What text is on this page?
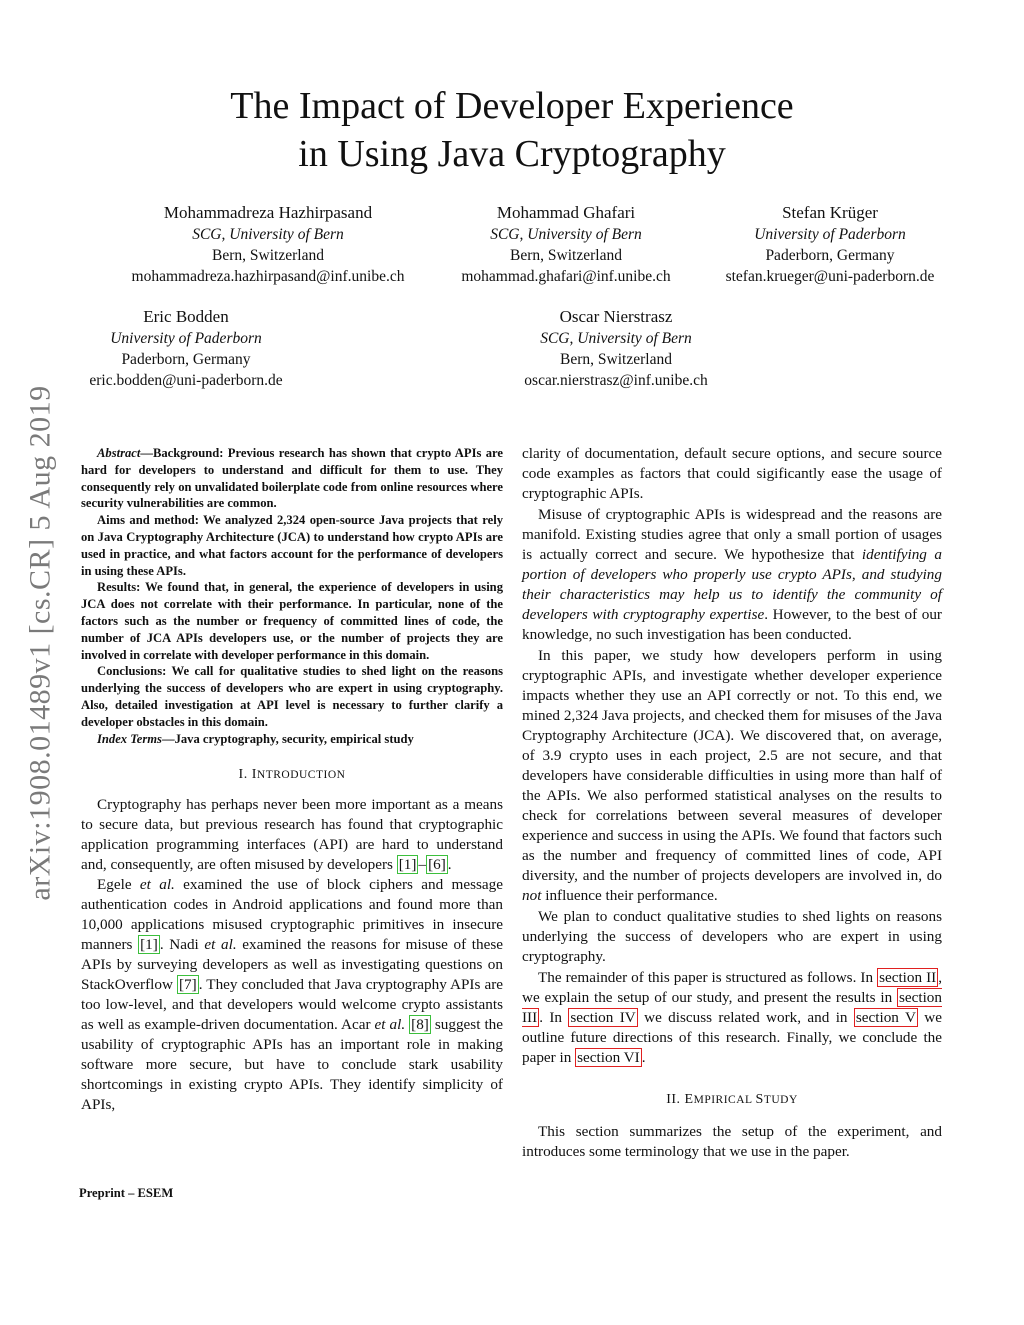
arXiv:1908.01489v1 [cs.CR] 5 Aug 2019
The Impact of Developer Experience
in Using Java Cryptography
Mohammadreza Hazhirpasand
SCG, University of Bern
Bern, Switzerland
mohammadreza.hazhirpasand@inf.unibe.ch
Mohammad Ghafari
SCG, University of Bern
Bern, Switzerland
mohammad.ghafari@inf.unibe.ch
Stefan Krüger
University of Paderborn
Paderborn, Germany
stefan.krueger@uni-paderborn.de
Eric Bodden
University of Paderborn
Paderborn, Germany
eric.bodden@uni-paderborn.de
Oscar Nierstrasz
SCG, University of Bern
Bern, Switzerland
oscar.nierstrasz@inf.unibe.ch

Abstract—Background: Previous research has shown that crypto APIs are hard for developers to understand and difficult for them to use. They consequently rely on unvalidated boilerplate code from online resources where security vulnerabilities are common.

Aims and method: We analyzed 2,324 open-source Java projects that rely on Java Cryptography Architecture (JCA) to understand how crypto APIs are used in practice, and what factors account for the performance of developers in using these APIs.

Results: We found that, in general, the experience of developers in using JCA does not correlate with their performance. In particular, none of the factors such as the number or frequency of committed lines of code, the number of JCA APIs developers use, or the number of projects they are involved in correlate with developer performance in this domain.

Conclusions: We call for qualitative studies to shed light on the reasons underlying the success of developers who are expert in using cryptography. Also, detailed investigation at API level is necessary to further clarify a developer obstacles in this domain.

Index Terms—Java cryptography, security, empirical study

I. INTRODUCTION

Cryptography has perhaps never been more important as a means to secure data, but previous research has found that cryptographic application programming interfaces (API) are hard to understand and, consequently, are often misused by developers [1] – [6] .

Egele et al. examined the use of block ciphers and message authentication codes in Android applications and found more than 10,000 applications misused cryptographic primitives in insecure manners [1] . Nadi et al. examined the reasons for misuse of these APIs by surveying developers as well as investigating questions on StackOverflow [7] . They concluded that Java cryptography APIs are too low-level, and that developers would welcome crypto assistants as well as example-driven documentation. Acar et al. [8] suggest the usability of cryptographic APIs has an important role in making software more secure, but have to conclude stark usability shortcomings in existing crypto APIs. They identify simplicity of APIs,

clarity of documentation, default secure options, and secure source code examples as factors that could sigificantly ease the usage of cryptographic APIs.

Misuse of cryptographic APIs is widespread and the reasons are manifold. Existing studies agree that only a small portion of usages is actually correct and secure. We hypothesize that identifying a portion of developers who properly use crypto APIs, and studying their characteristics may help us to identify the community of developers with cryptography expertise. However, to the best of our knowledge, no such investigation has been conducted.

In this paper, we study how developers perform in using cryptographic APIs, and investigate whether developer experience impacts whether they use an API correctly or not. To this end, we mined 2,324 Java projects, and checked them for misuses of the Java Cryptography Architecture (JCA). We discovered that, on average, of 3.9 crypto uses in each project, 2.5 are not secure, and that developers have considerable difficulties in using more than half of the APIs. We also performed statistical analyses on the results to check for correlations between several measures of developer experience and success in using the APIs. We found that factors such as the number and frequency of committed lines of code, API diversity, and the number of projects developers are involved in, do not influence their performance.

We plan to conduct qualitative studies to shed lights on reasons underlying the success of developers who are expert in using cryptography.

The remainder of this paper is structured as follows. In section II , we explain the setup of our study, and present the results in section III . In section IV we discuss related work, and in section V we outline future directions of this research. Finally, we conclude the paper in section VI .

II. EMPIRICAL STUDY

This section summarizes the setup of the experiment, and introduces some terminology that we use in the paper.

Preprint – ESEM
